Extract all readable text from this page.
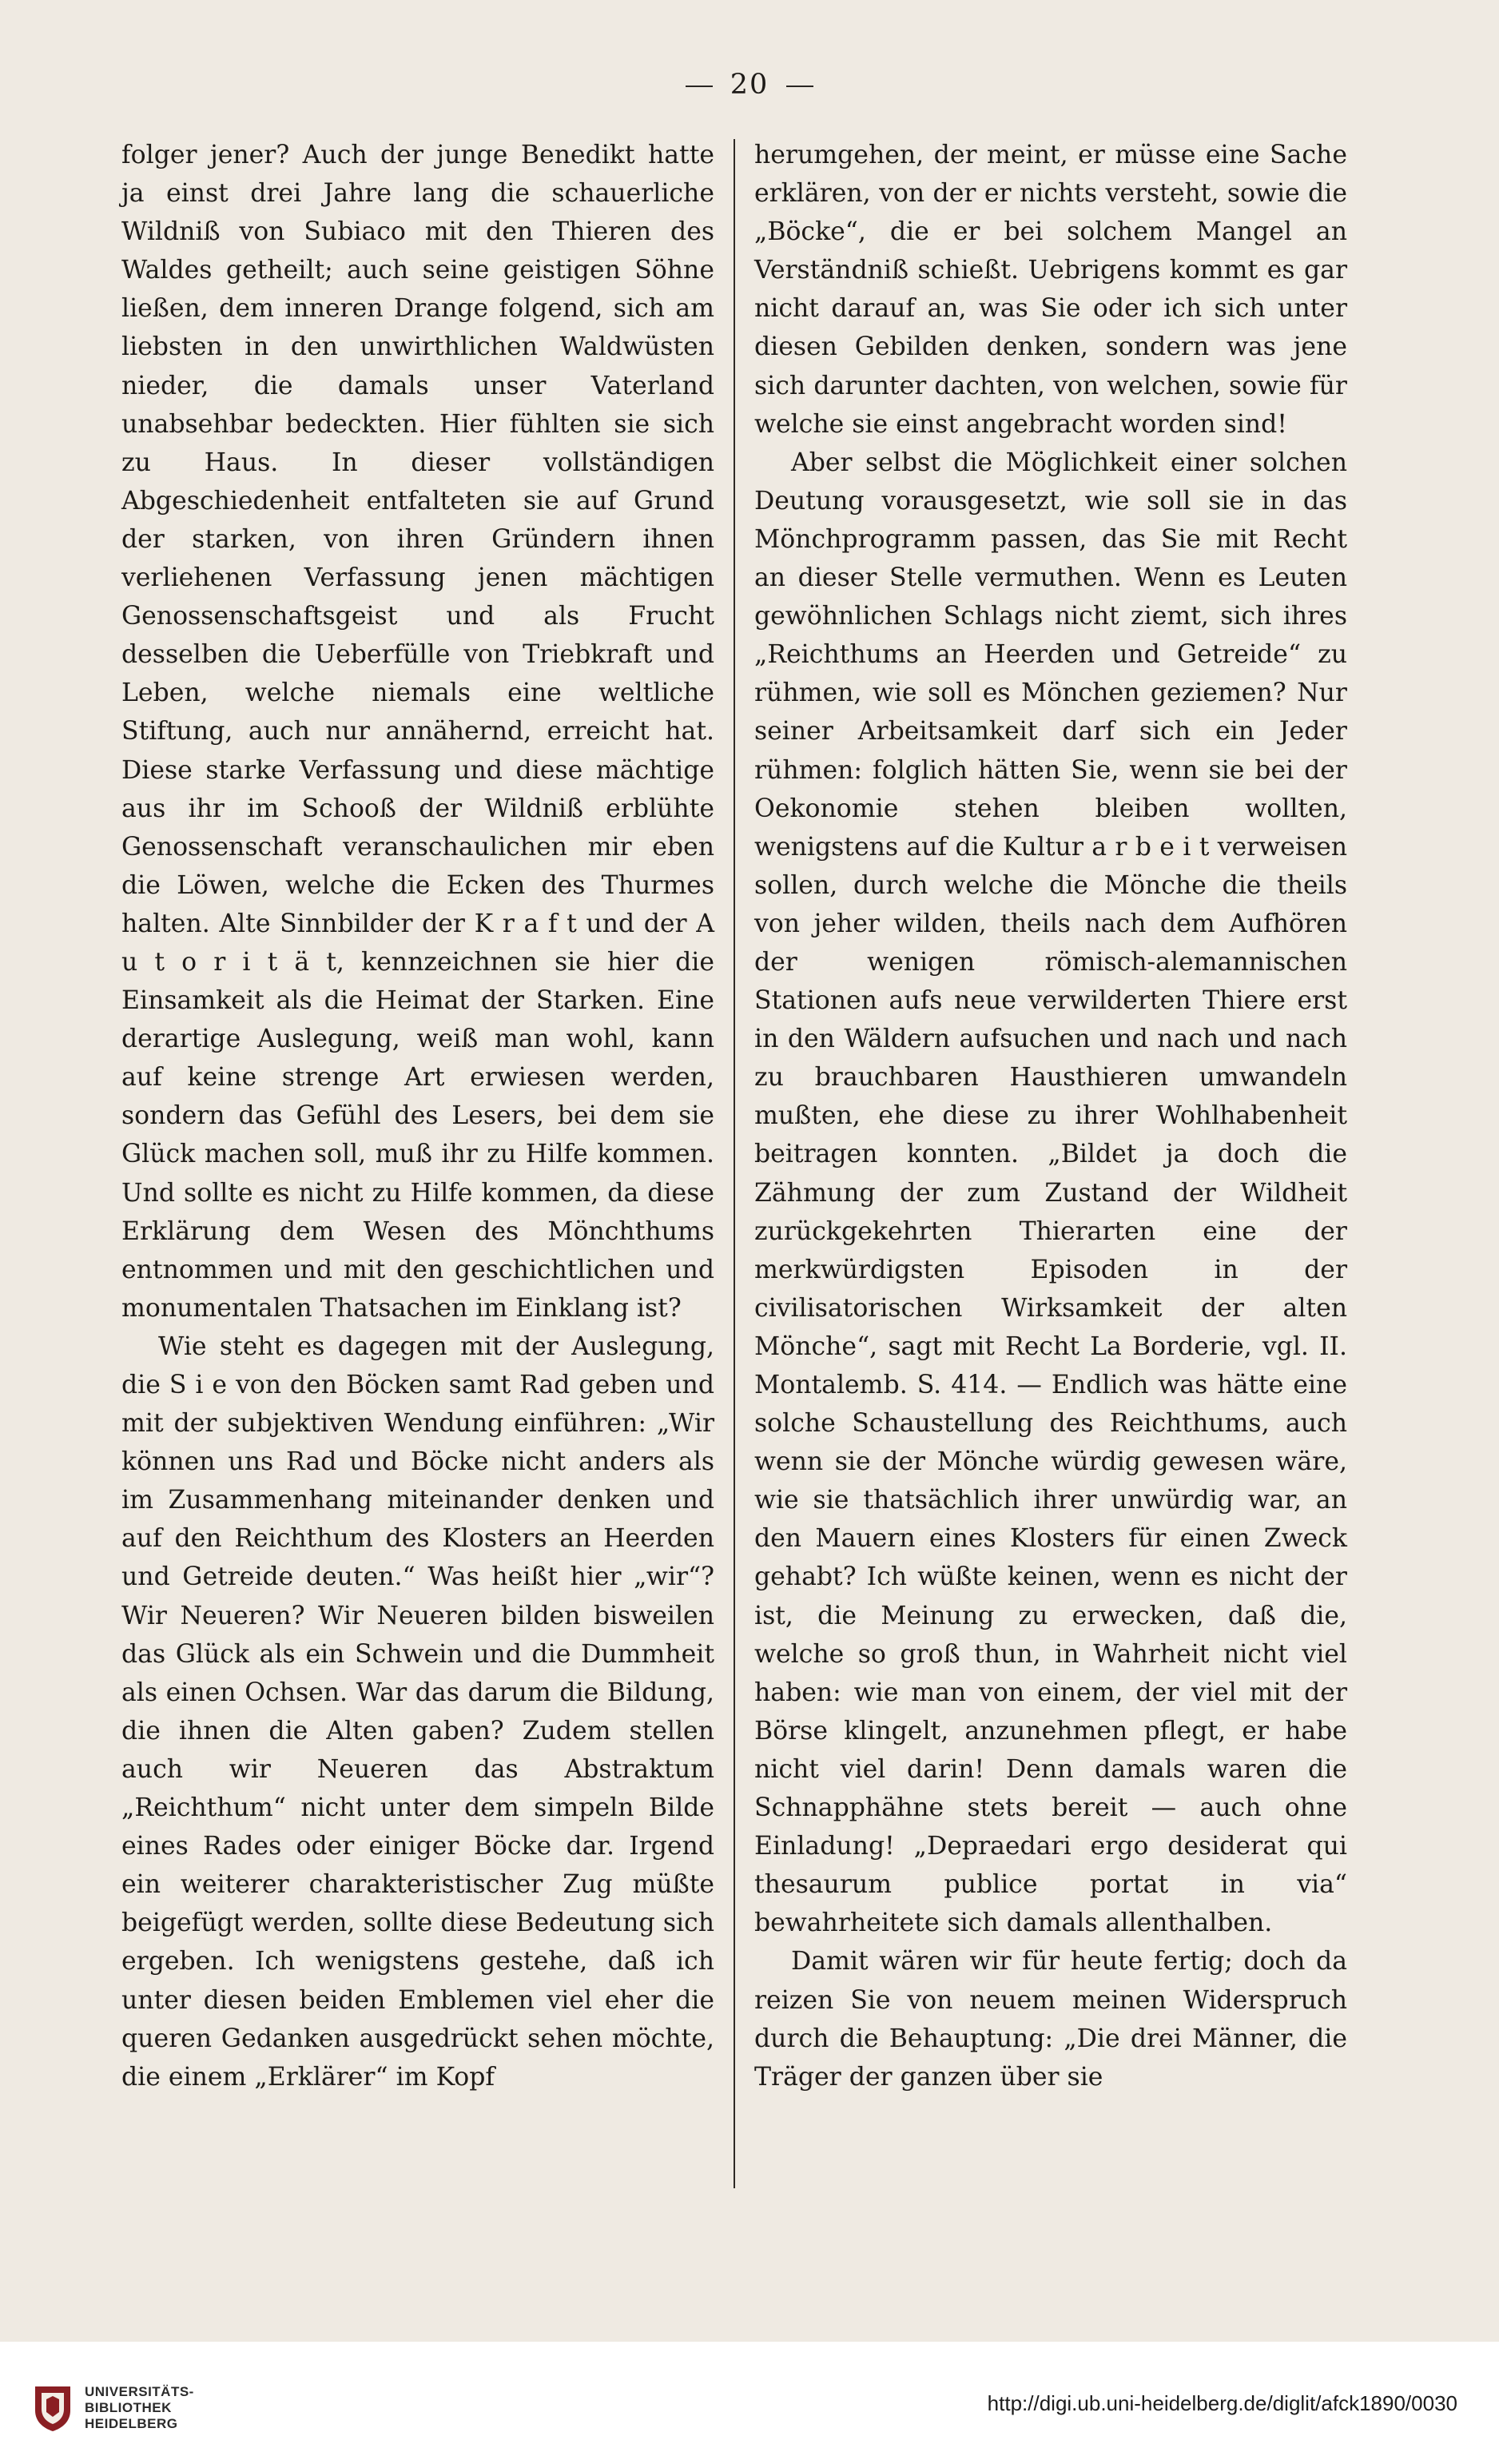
20

folger jener? Auch der junge Benedikt hatte ja einst drei Jahre lang die schauerliche Wildniß von Subiaco mit den Thieren des Waldes getheilt; auch seine geistigen Söhne ließen, dem inneren Drange folgend, sich am liebsten in den unwirthlichen Waldwüsten nieder, die damals unser Vaterland unabsehbar bedeckten. Hier fühlten sie sich zu Haus. In dieser vollständigen Abgeschiedenheit entfalteten sie auf Grund der starken, von ihren Gründern ihnen verliehenen Verfassung jenen mächtigen Genossenschaftsgeist und als Frucht desselben die Ueberfülle von Triebkraft und Leben, welche niemals eine weltliche Stiftung, auch nur annähernd, erreicht hat. Diese starke Verfassung und diese mächtige aus ihr im Schooß der Wildniß erblühte Genossenschaft veranschaulichen mir eben die Löwen, welche die Ecken des Thurmes halten. Alte Sinnbilder der K r a f t und der A u t o r i t ä t, kennzeichnen sie hier die Einsamkeit als die Heimat der Starken. Eine derartige Auslegung, weiß man wohl, kann auf keine strenge Art erwiesen werden, sondern das Gefühl des Lesers, bei dem sie Glück machen soll, muß ihr zu Hilfe kommen. Und sollte es nicht zu Hilfe kommen, da diese Erklärung dem Wesen des Mönchthums entnommen und mit den geschichtlichen und monumentalen Thatsachen im Einklang ist?

Wie steht es dagegen mit der Auslegung, die S i e von den Böcken samt Rad geben und mit der subjektiven Wendung einführen: „Wir können uns Rad und Böcke nicht anders als im Zusammenhang miteinander denken und auf den Reichthum des Klosters an Heerden und Getreide deuten.“ Was heißt hier „wir“? Wir Neueren? Wir Neueren bilden bisweilen das Glück als ein Schwein und die Dummheit als einen Ochsen. War das darum die Bildung, die ihnen die Alten gaben? Zudem stellen auch wir Neueren das Abstraktum „Reichthum“ nicht unter dem simpeln Bilde eines Rades oder einiger Böcke dar. Irgend ein weiterer charakteristischer Zug müßte beigefügt werden, sollte diese Bedeutung sich ergeben. Ich wenigstens gestehe, daß ich unter diesen beiden Emblemen viel eher die queren Gedanken ausgedrückt sehen möchte, die einem „Erklärer“ im Kopf

herumgehen, der meint, er müsse eine Sache erklären, von der er nichts versteht, sowie die „Böcke“, die er bei solchem Mangel an Verständniß schießt. Uebrigens kommt es gar nicht darauf an, was Sie oder ich sich unter diesen Gebilden denken, sondern was jene sich darunter dachten, von welchen, sowie für welche sie einst angebracht worden sind!

Aber selbst die Möglichkeit einer solchen Deutung vorausgesetzt, wie soll sie in das Mönchprogramm passen, das Sie mit Recht an dieser Stelle vermuthen. Wenn es Leuten gewöhnlichen Schlags nicht ziemt, sich ihres „Reichthums an Heerden und Getreide“ zu rühmen, wie soll es Mönchen geziemen? Nur seiner Arbeitsamkeit darf sich ein Jeder rühmen: folglich hätten Sie, wenn sie bei der Oekonomie stehen bleiben wollten, wenigstens auf die Kultur a r b e i t verweisen sollen, durch welche die Mönche die theils von jeher wilden, theils nach dem Aufhören der wenigen römisch-alemannischen Stationen aufs neue verwilderten Thiere erst in den Wäldern aufsuchen und nach und nach zu brauchbaren Hausthieren umwandeln mußten, ehe diese zu ihrer Wohlhabenheit beitragen konnten. „Bildet ja doch die Zähmung der zum Zustand der Wildheit zurückgekehrten Thierarten eine der merkwürdigsten Episoden in der civilisatorischen Wirksamkeit der alten Mönche“, sagt mit Recht La Borderie, vgl. II. Montalemb. S. 414. — Endlich was hätte eine solche Schaustellung des Reichthums, auch wenn sie der Mönche würdig gewesen wäre, wie sie thatsächlich ihrer unwürdig war, an den Mauern eines Klosters für einen Zweck gehabt? Ich wüßte keinen, wenn es nicht der ist, die Meinung zu erwecken, daß die, welche so groß thun, in Wahrheit nicht viel haben: wie man von einem, der viel mit der Börse klingelt, anzunehmen pflegt, er habe nicht viel darin! Denn damals waren die Schnapphähne stets bereit — auch ohne Einladung! „Depraedari ergo desiderat qui thesaurum publice portat in via“ bewahrheitete sich damals allenthalben.

Damit wären wir für heute fertig; doch da reizen Sie von neuem meinen Widerspruch durch die Behauptung: „Die drei Männer, die Träger der ganzen über sie

UNIVERSITÄTS-
BIBLIOTHEK
HEIDELBERG
http://digi.ub.uni-heidelberg.de/diglit/afck1890/0030
